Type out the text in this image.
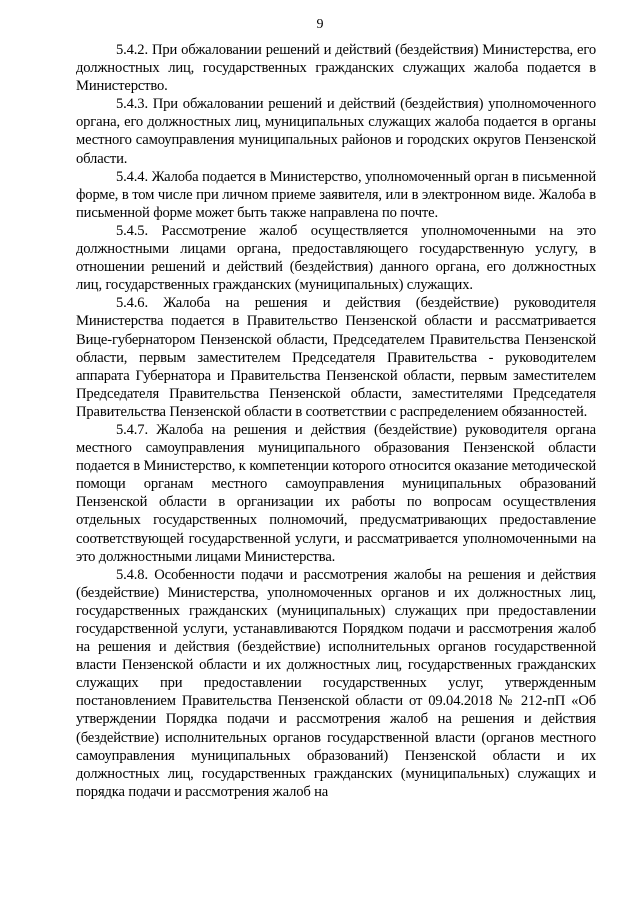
9

5.4.2. При обжаловании решений и действий (бездействия) Министерства, его должностных лиц, государственных гражданских служащих жалоба подается в Министерство.

5.4.3. При обжаловании решений и действий (бездействия) уполномоченного органа, его должностных лиц, муниципальных служащих жалоба подается в органы местного самоуправления муниципальных районов и городских округов Пензенской области.

5.4.4. Жалоба подается в Министерство, уполномоченный орган в письменной форме, в том числе при личном приеме заявителя, или в электронном виде. Жалоба в письменной форме может быть также направлена по почте.

5.4.5. Рассмотрение жалоб осуществляется уполномоченными на это должностными лицами органа, предоставляющего государственную услугу, в отношении решений и действий (бездействия) данного органа, его должностных лиц, государственных гражданских (муниципальных) служащих.

5.4.6. Жалоба на решения и действия (бездействие) руководителя Министерства подается в Правительство Пензенской области и рассматривается Вице-губернатором Пензенской области, Председателем Правительства Пензенской области, первым заместителем Председателя Правительства - руководителем аппарата Губернатора и Правительства Пензенской области, первым заместителем Председателя Правительства Пензенской области, заместителями Председателя Правительства Пензенской области в соответствии с распределением обязанностей.

5.4.7. Жалоба на решения и действия (бездействие) руководителя органа местного самоуправления муниципального образования Пензенской области подается в Министерство, к компетенции которого относится оказание методической помощи органам местного самоуправления муниципальных образований Пензенской области в организации их работы по вопросам осуществления отдельных государственных полномочий, предусматривающих предоставление соответствующей государственной услуги, и рассматривается уполномоченными на это должностными лицами Министерства.

5.4.8. Особенности подачи и рассмотрения жалобы на решения и действия (бездействие) Министерства, уполномоченных органов и их должностных лиц, государственных гражданских (муниципальных) служащих при предоставлении государственной услуги, устанавливаются Порядком подачи и рассмотрения жалоб на решения и действия (бездействие) исполнительных органов государственной власти Пензенской области и их должностных лиц, государственных гражданских служащих при предоставлении государственных услуг, утвержденным постановлением Правительства Пензенской области от 09.04.2018 № 212-пП «Об утверждении Порядка подачи и рассмотрения жалоб на решения и действия (бездействие) исполнительных органов государственной власти (органов местного самоуправления муниципальных образований) Пензенской области и их должностных лиц, государственных гражданских (муниципальных) служащих и порядка подачи и рассмотрения жалоб на
